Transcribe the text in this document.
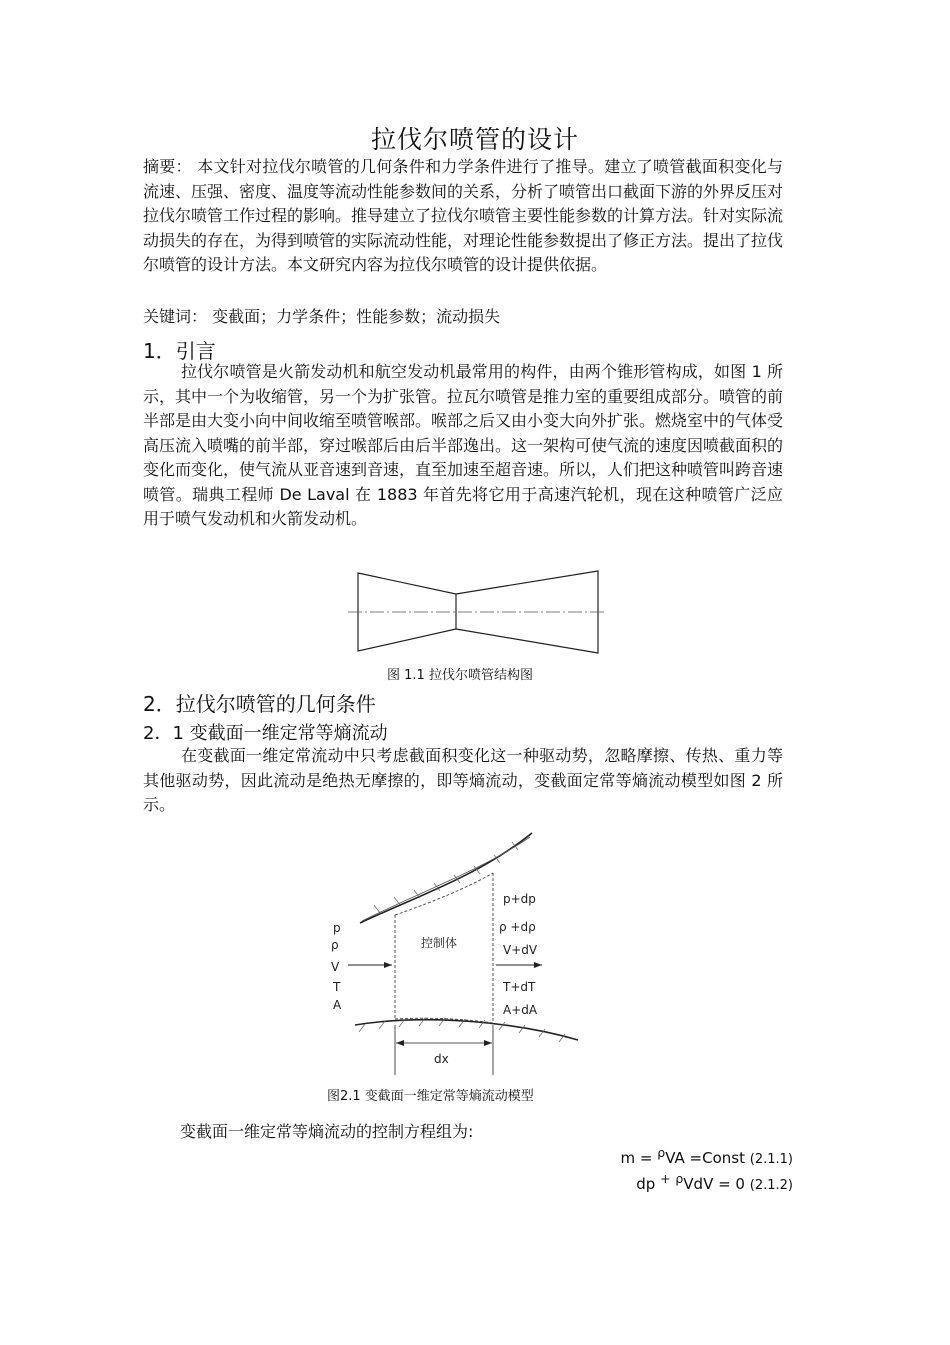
拉伐尔喷管的设计

摘要： 本文针对拉伐尔喷管的几何条件和力学条件进行了推导。建立了喷管截面积变化与流速、压强、密度、温度等流动性能参数间的关系，分析了喷管出口截面下游的外界反压对拉伐尔喷管工作过程的影响。推导建立了拉伐尔喷管主要性能参数的计算方法。针对实际流动损失的存在，为得到喷管的实际流动性能，对理论性能参数提出了修正方法。提出了拉伐尔喷管的设计方法。本文研究内容为拉伐尔喷管的设计提供依据。

关键词： 变截面；力学条件；性能参数；流动损失
1．引言

拉伐尔喷管是火箭发动机和航空发动机最常用的构件，由两个锥形管构成，如图 1 所示，其中一个为收缩管，另一个为扩张管。拉瓦尔喷管是推力室的重要组成部分。喷管的前半部是由大变小向中间收缩至喷管喉部。喉部之后又由小变大向外扩张。燃烧室中的气体受高压流入喷嘴的前半部，穿过喉部后由后半部逸出。这一架构可使气流的速度因喷截面积的变化而变化，使气流从亚音速到音速，直至加速至超音速。所以，人们把这种喷管叫跨音速喷管。瑞典工程师 De Laval 在 1883 年首先将它用于高速汽轮机，现在这种喷管广泛应用于喷气发动机和火箭发动机。

图 1.1 拉伐尔喷管结构图
2．拉伐尔喷管的几何条件
2．1 变截面一维定常等熵流动

在变截面一维定常流动中只考虑截面积变化这一种驱动势，忽略摩擦、传热、重力等其他驱动势，因此流动是绝热无摩擦的，即等熵流动，变截面定常等熵流动模型如图 2 所示。

p
ρ
V
T
A
控制体
p+dp
ρ +dρ
V+dV
T+dT
A+dA
dx
图2.1 变截面一维定常等熵流动模型
变截面一维定常等熵流动的控制方程组为:
m = $^\rho$VA =Const (2.1.1)
dp + $^\rho$VdV = 0 (2.1.2)
